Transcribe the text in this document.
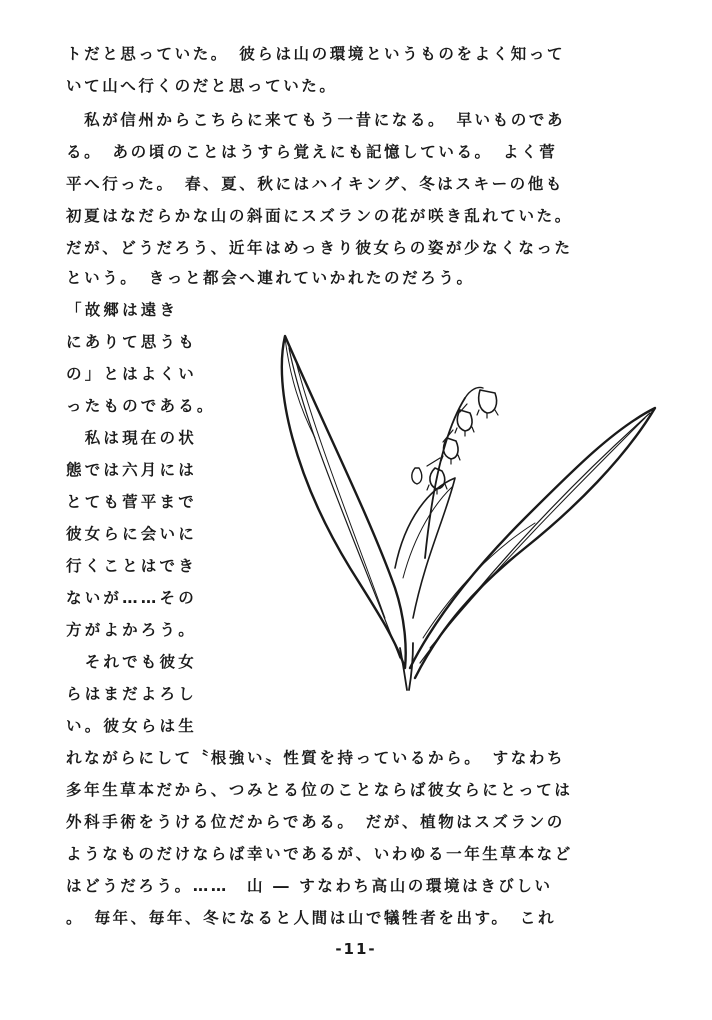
トだと思っていた。　彼らは山の環境というものをよく知って

いて山へ行くのだと思っていた。

　私が信州からこちらに来てもう一昔になる。　早いものであ

る。　あの頃のことはうすら覚えにも記憶している。　よく菅

平へ行った。　春、夏、秋にはハイキング、冬はスキーの他も

初夏はなだらかな山の斜面にスズランの花が咲き乱れていた。

だが、どうだろう、近年はめっきり彼女らの姿が少なくなった

という。　きっと都会へ連れていかれたのだろう。

「故郷は遠き

にありて思うも

の」とはよくい

ったものである。

　私は現在の状

態では六月には

とても菅平まで

彼女らに会いに

行くことはでき

ないが……その

方がよかろう。

　それでも彼女

らはまだよろし

い。彼女らは生

れながらにして〝根強い〟性質を持っているから。　すなわち

多年生草本だから、つみとる位のことならば彼女らにとっては

外科手術をうける位だからである。　だが、植物はスズランの

ようなものだけならば幸いであるが、いわゆる一年生草本など

はどうだろう。……　山 ― すなわち高山の環境はきびしい

。　毎年、毎年、冬になると人間は山で犠牲者を出す。　これ

-11-
